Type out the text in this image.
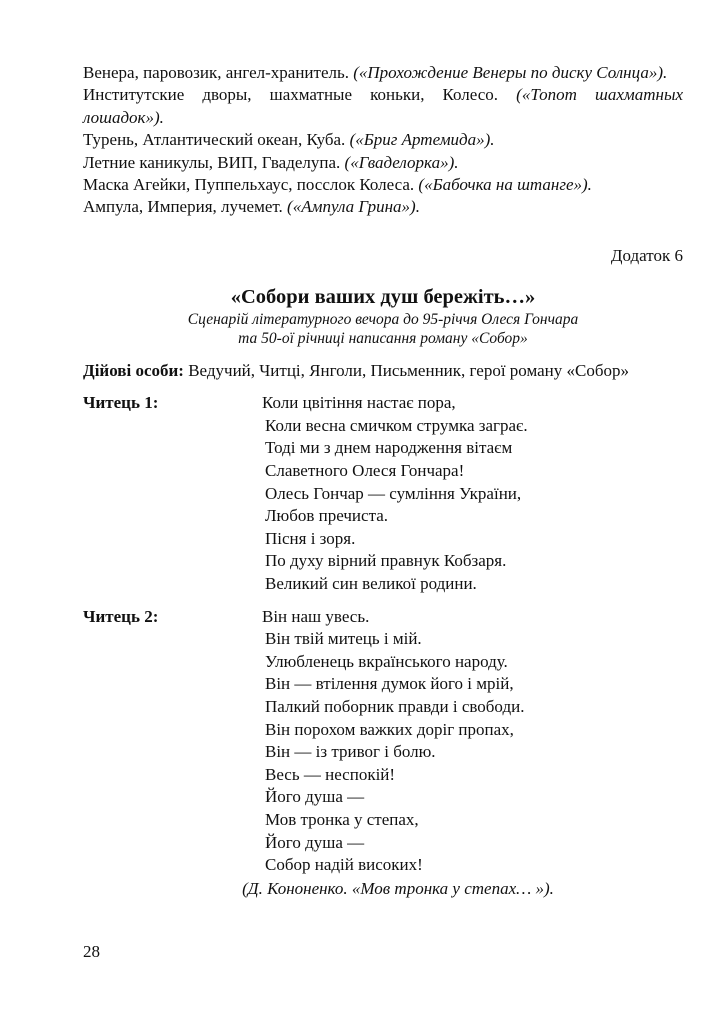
Венера, паровозик, ангел-хранитель. («Прохождение Венеры по диску Солнца»).

Институтские дворы, шахматные коньки, Колесо. («Топот шахматных лошадок»).

Турень, Атлантический океан, Куба. («Бриг Артемида»).

Летние каникулы, ВИП, Гваделупа. («Гваделорка»).

Маска Агейки, Пуппельхаус, посслок Колеса. («Бабочка на штанге»).

Ампула, Империя, лучемет. («Ампула Грина»).

Додаток 6
«Собори ваших душ бережіть…»
Сценарій літературного вечора до 95-річчя Олеся Гончара
та 50-ої річниці написання роману «Собор»
Дійові особи: Ведучий, Читці, Янголи, Письменник, герої роману «Собор»
Читець 1:	Коли цвітіння настає пора,
Коли весна смичком струмка заграє.
Тоді ми з днем народження вітаєм
Славетного Олеся Гончара!
Олесь Гончар — сумління України,
Любов пречиста.
Пісня і зоря.
По духу вірний правнук Кобзаря.
Великий син великої родини.
Читець 2:	Він наш увесь.
Він твій митець і мій.
Улюбленець вкраїнського народу.
Він — втілення думок його і мрій,
Палкий поборник правди і свободи.
Він порохом важких доріг пропах,
Він — із тривог і болю.
Весь — неспокій!
Його душа —
Мов тронка у степах,
Його душа —
Собор надій високих!
(Д. Кононенко. «Мов тронка у степах… »).
28
